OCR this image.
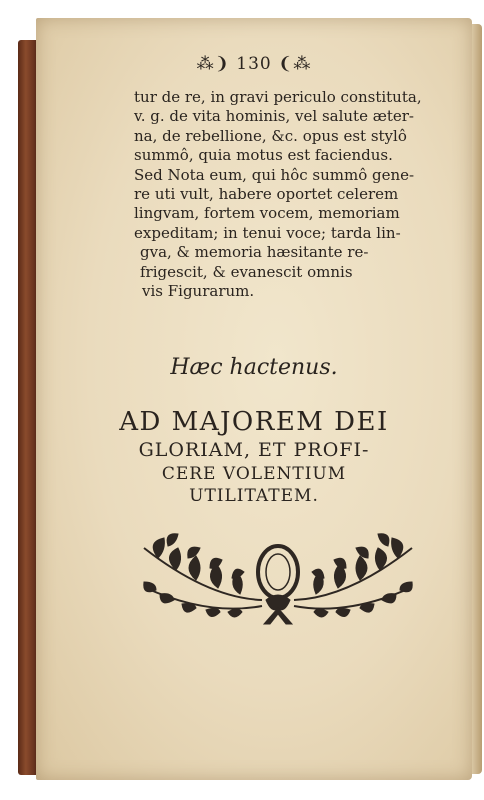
⁂❩ 130 ❨⁂
tur de re, in gravi periculo constituta,
v. g. de vita hominis, vel salute æter-
na, de rebellione, &c. opus est stylô
summô, quia motus est faciendus.
Sed Nota eum, qui hôc summô gene-
re uti vult, habere oportet celerem
lingvam, fortem vocem, memoriam
expeditam; in tenui voce; tarda lin-
gva, & memoria hæsitante re-
frigescit, & evanescit omnis
vis Figurarum.
Hæc hactenus.
AD MAJOREM DEI
GLORIAM, ET PROFI-
CERE VOLENTIUM
UTILITATEM.
